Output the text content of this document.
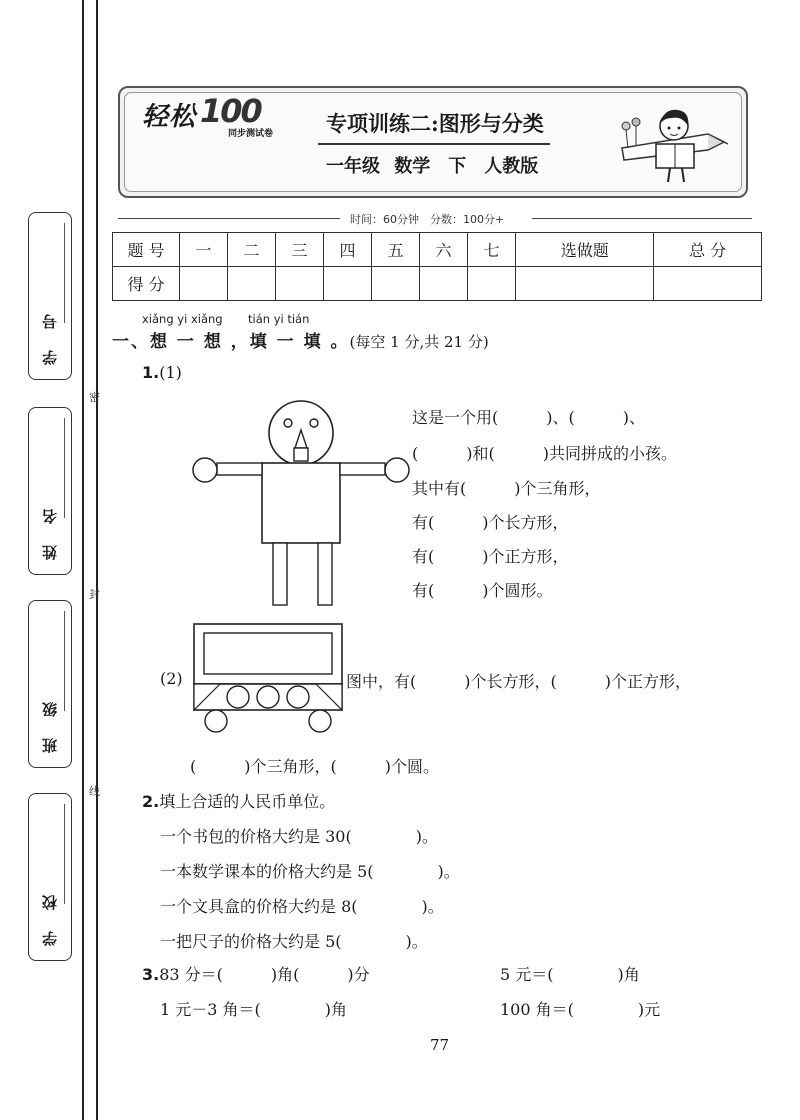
学 号
姓 名
班 级
学 校
密
封
线
轻松 100
同步测试卷	专项训练二:图形与分类
一年级 数学　下　人教版
时间：60分钟　分数：100分+
题 号	一	二	三	四	五	六	七	选做题	总 分
得 分									
xiǎng yi xiǎng tián yi tián
一、想 一 想 ，填 一 填 。(每空 1 分,共 21 分)
1.(1)
这是一个用(　　　)、(　　　)、
(　　　)和(　　　)共同拼成的小孩。
其中有(　　　)个三角形，
有(　　　)个长方形，
有(　　　)个正方形，
有(　　　)个圆形。
(2)	图中，有(　　　)个长方形，(　　　)个正方形，
(　　　)个三角形，(　　　)个圆。
2.填上合适的人民币单位。
一个书包的价格大约是 30(　　　　)。
一本数学课本的价格大约是 5(　　　　)。
一个文具盒的价格大约是 8(　　　　)。
一把尺子的价格大约是 5(　　　　)。
3.83 分＝(　　　)角(　　　)分	5 元＝(　　　　)角
1 元－3 角＝(　　　　)角	100 角＝(　　　　)元
77
